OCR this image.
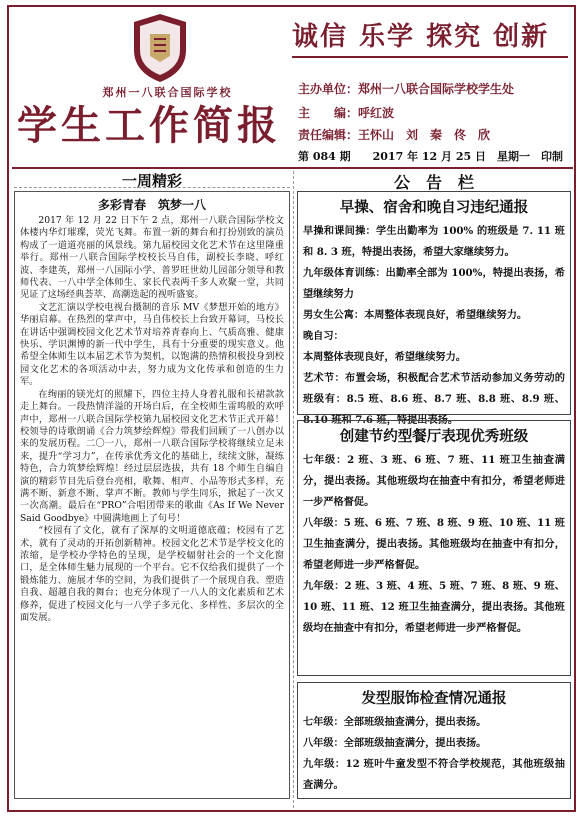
郑州一八联合国际学校
学生工作简报
诚信 乐学 探究 创新
主办单位：郑州一八联合国际学校学生处
主　　编：呼红波
责任编辑：王怀山　刘　秦　佟　欣
第 084 期　　2017 年 12 月 25 日　星期一　印制
一周精彩
多彩青春　筑梦一八

2017 年 12 月 22 日下午 2 点，郑州一八联合国际学校文体楼内华灯璀璨，荧光飞舞。布置一新的舞台和打扮别致的演员构成了一道道亮丽的风景线。第九届校园文化艺术节在这里隆重举行。郑州一八联合国际学校校长马自伟，副校长李晓、呼红波、李建英，郑州一八国际小学、普罗旺世幼儿园部分领导和教师代表、一八中学全体师生、家长代表两千多人欢聚一堂，共同见证了这场经典荟萃、高潮迭起的视听盛宴。

文艺汇演以学校电视台摄制的音乐 MV《梦想开始的地方》华丽启幕。在热烈的掌声中，马自伟校长上台致开幕词，马校长在讲话中强调校园文化艺术节对培养青春向上、气质高雅、健康快乐、学识渊博的新一代中学生，具有十分重要的现实意义。他希望全体师生以本届艺术节为契机，以饱满的热情积极投身到校园文化艺术的各项活动中去，努力成为文化传承和创造的生力军。

在绚丽的镁光灯的照耀下，四位主持人身着礼服和长裙款款走上舞台。一段热情洋溢的开场白后，在全校师生雷鸣般的欢呼声中，郑州一八联合国际学校第九届校园文化艺术节正式开幕！校领导的诗歌朗诵《合力筑梦绘辉煌》带我们回顾了一八创办以来的发展历程。二〇一八，郑州一八联合国际学校将继续立足未来，提升“学习力”，在传承优秀文化的基础上，续续文脉，凝练特色，合力筑梦绘辉煌！经过层层选拔，共有 18 个师生自编自演的精彩节目先后登台亮相，歌舞、相声、小品等形式多样，充满不断、新意不断、掌声不断。教师与学生同乐，掀起了一次又一次高潮。最后在“PRO”合唱团带来的歌曲《As If We Never Said Goodbye》中圆满地画上了句号！

“校园有了文化，就有了深厚的文明道德底蕴；校园有了艺术，就有了灵动的开拓创新精神。校园文化艺术节是学校文化的浓缩，是学校办学特色的呈现，是学校辐射社会的一个文化窗口，是全体师生魅力展现的一个平台。它不仅给我们提供了一个锻炼能力、施展才华的空间，为我们提供了一个展现自我、塑造自我、超越自我的舞台；也充分体现了一八人的文化素质和艺术修养，促进了校园文化与一八学子多元化、多样性、多层次的全面发展。

公　告　栏
早操、宿舍和晚自习违纪通报

早操和课间操：学生出勤率为 100% 的班级是 7. 11 班和 8. 3 班，特提出表扬，希望大家继续努力。

九年级体育训练：出勤率全部为 100%，特提出表扬，希望继续努力

男女生公寓：本周整体表现良好，希望继续努力。

晚自习：

本周整体表现良好，希望继续努力。

艺术节：布置会场，积极配合艺术节活动参加义务劳动的班级有：8.5 班、8.6 班、8.7 班、8.8 班、8.9 班、8.10 班和 7.6 班，特提出表扬。

创建节约型餐厅表现优秀班级

七年级：2 班、3 班、6 班、7 班、11 班卫生抽查满分，提出表扬。其他班级均在抽查中有扣分，希望老师进一步严格督促。

八年级：5 班、6 班、7 班、8 班、9 班、10 班、11 班卫生抽查满分，提出表扬。其他班级均在抽查中有扣分，希望老师进一步严格督促。

九年级：2 班、3 班、4 班、5 班、7 班、8 班、9 班、10 班、11 班、12 班卫生抽查满分，提出表扬。其他班级均在抽查中有扣分，希望老师进一步严格督促。

发型服饰检查情况通报

七年级：全部班级抽查满分，提出表扬。

八年级：全部班级抽查满分，提出表扬。

九年级：12 班叶牛童发型不符合学校规范，其他班级抽查满分。
